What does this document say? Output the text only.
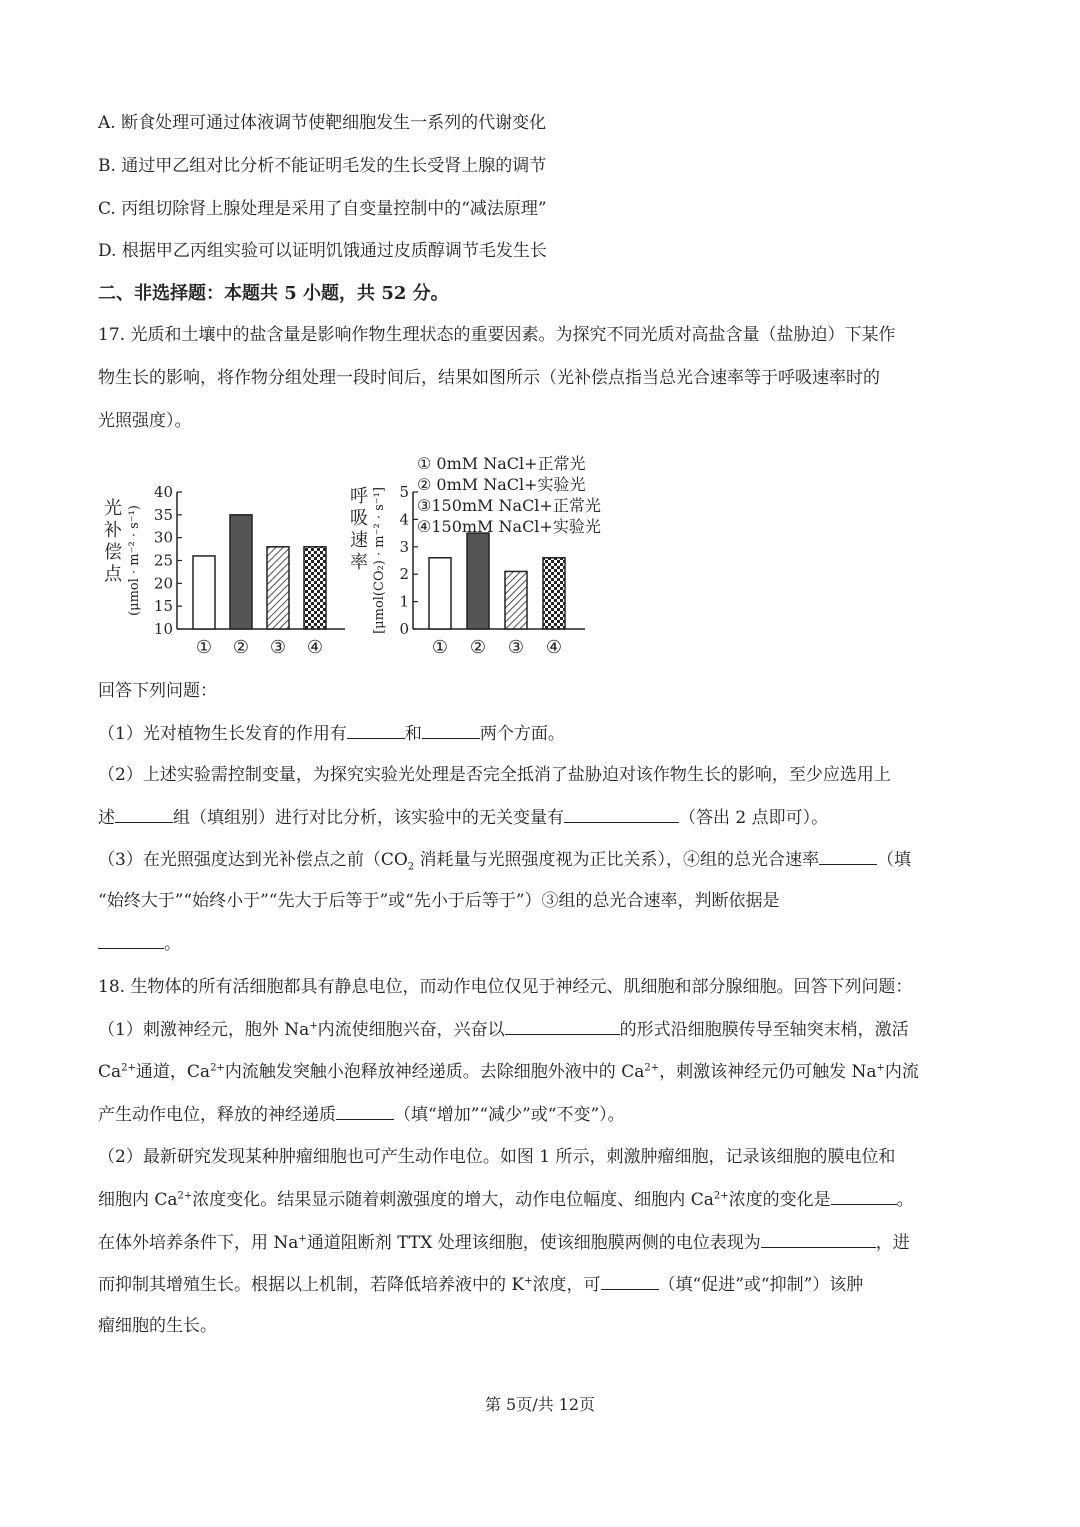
A. 断食处理可通过体液调节使靶细胞发生一系列的代谢变化
B. 通过甲乙组对比分析不能证明毛发的生长受肾上腺的调节
C. 丙组切除肾上腺处理是采用了自变量控制中的“减法原理”
D. 根据甲乙丙组实验可以证明饥饿通过皮质醇调节毛发生长
二、非选择题：本题共 5 小题，共 52 分。
17. 光质和土壤中的盐含量是影响作物生理状态的重要因素。为探究不同光质对高盐含量（盐胁迫）下某作
物生长的影响，将作物分组处理一段时间后，结果如图所示（光补偿点指当总光合速率等于呼吸速率时的
光照强度）。
10
15
20
25
30
35
40
① ② ③ ④
光
补
偿
点 (μmol · m⁻² · s⁻¹)
0
1
2
3
4
5
① ② ③ ④
呼
吸
速
率 [μmol(CO₂) · m⁻² · s⁻¹]
① 0mM NaCl+正常光
② 0mM NaCl+实验光
③150mM NaCl+正常光
④150mM NaCl+实验光
回答下列问题：
（1）光对植物生长发育的作用有	和	两个方面。
（2）上述实验需控制变量，为探究实验光处理是否完全抵消了盐胁迫对该作物生长的影响，至少应选用上
述	组（填组别）进行对比分析，该实验中的无关变量有	（答出 2 点即可）。
（3）在光照强度达到光补偿点之前（$CO_2$ 消耗量与光照强度视为正比关系），④组的总光合速率	（填
“始终大于”“始终小于”“先大于后等于”或“先小于后等于”）③组的总光合速率，判断依据是
。
18. 生物体的所有活细胞都具有静息电位，而动作电位仅见于神经元、肌细胞和部分腺细胞。回答下列问题：
（1）刺激神经元，胞外 Na+内流使细胞兴奋，兴奋以	的形式沿细胞膜传导至轴突末梢，激活
$Ca^{2+}$通道，$Ca^{2+}$内流触发突触小泡释放神经递质。去除细胞外液中的 $Ca^{2+}$，刺激该神经元仍可触发 Na+内流
产生动作电位，释放的神经递质	（填“增加”“减少”或“不变”）。
（2）最新研究发现某种肿瘤细胞也可产生动作电位。如图 1 所示，刺激肿瘤细胞，记录该细胞的膜电位和
细胞内 $Ca^{2+}$浓度变化。结果显示随着刺激强度的增大，动作电位幅度、细胞内 $Ca^{2+}$浓度的变化是	。
在体外培养条件下，用 Na+通道阻断剂 TTX 处理该细胞，使该细胞膜两侧的电位表现为	，进
而抑制其增殖生长。根据以上机制，若降低培养液中的 K+浓度，可	（填“促进”或“抑制”）该肿
瘤细胞的生长。
第 5页/共 12页
